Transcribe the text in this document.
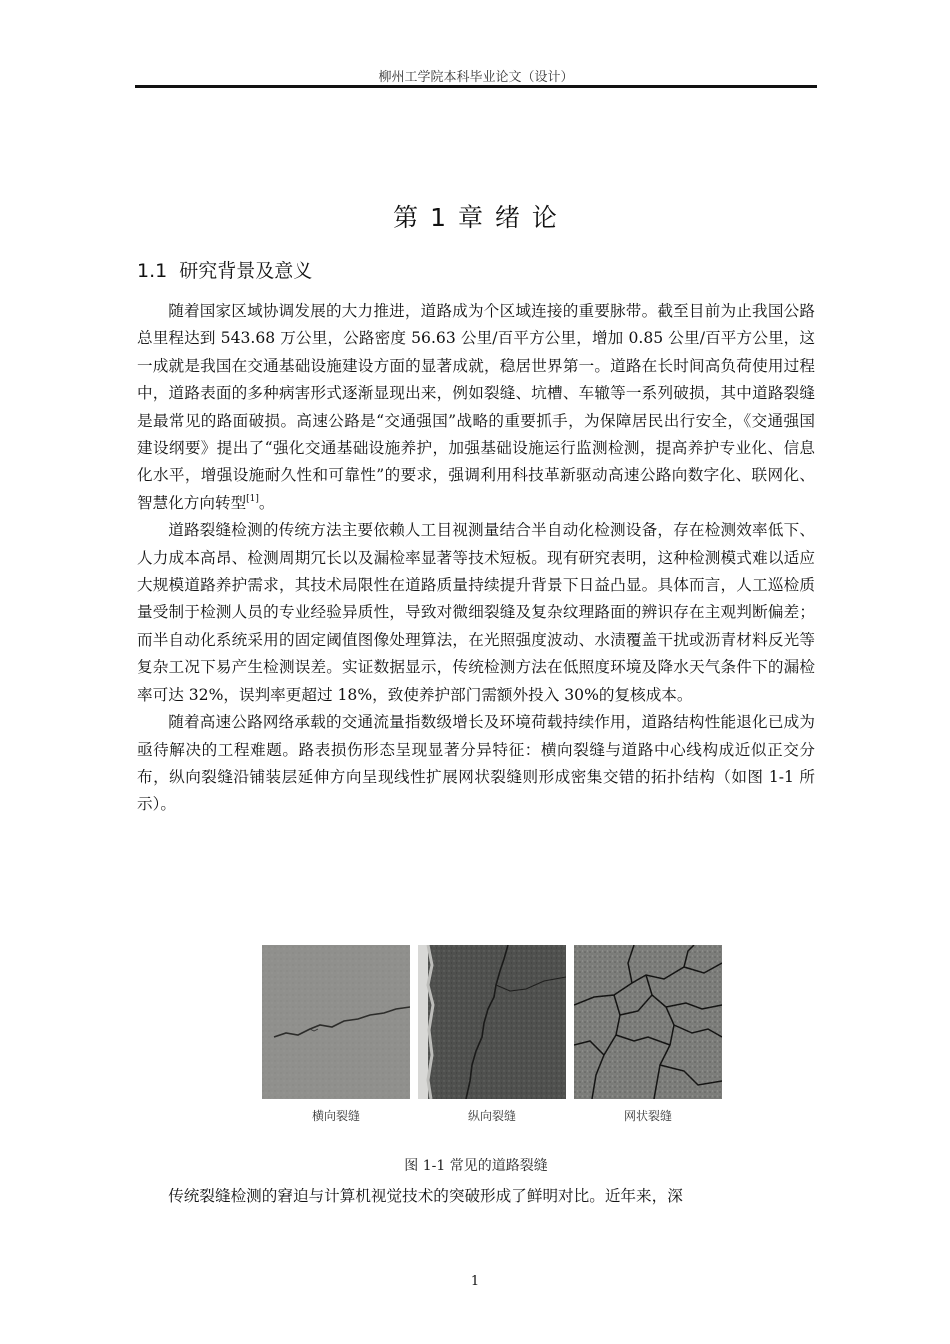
柳州工学院本科毕业论文（设计）
第 1 章 绪 论
1.1 研究背景及意义

随着国家区域协调发展的大力推进，道路成为个区域连接的重要脉带。截至目前为止我国公路总里程达到 543.68 万公里，公路密度 56.63 公里/百平方公里，增加 0.85 公里/百平方公里，这一成就是我国在交通基础设施建设方面的显著成就，稳居世界第一。道路在长时间高负荷使用过程中，道路表面的多种病害形式逐渐显现出来，例如裂缝、坑槽、车辙等一系列破损，其中道路裂缝是最常见的路面破损。高速公路是“交通强国”战略的重要抓手，为保障居民出行安全，《交通强国建设纲要》提出了“强化交通基础设施养护，加强基础设施运行监测检测，提高养护专业化、信息化水平，增强设施耐久性和可靠性”的要求，强调利用科技革新驱动高速公路向数字化、联网化、智慧化方向转型[1]。

道路裂缝检测的传统方法主要依赖人工目视测量结合半自动化检测设备，存在检测效率低下、人力成本高昂、检测周期冗长以及漏检率显著等技术短板。现有研究表明，这种检测模式难以适应大规模道路养护需求，其技术局限性在道路质量持续提升背景下日益凸显。具体而言，人工巡检质量受制于检测人员的专业经验异质性，导致对微细裂缝及复杂纹理路面的辨识存在主观判断偏差；而半自动化系统采用的固定阈值图像处理算法，在光照强度波动、水渍覆盖干扰或沥青材料反光等复杂工况下易产生检测误差。实证数据显示，传统检测方法在低照度环境及降水天气条件下的漏检率可达 32%，误判率更超过 18%，致使养护部门需额外投入 30%的复核成本。

随着高速公路网络承载的交通流量指数级增长及环境荷载持续作用，道路结构性能退化已成为亟待解决的工程难题。路表损伤形态呈现显著分异特征：横向裂缝与道路中心线构成近似正交分布，纵向裂缝沿铺装层延伸方向呈现线性扩展网状裂缝则形成密集交错的拓扑结构（如图 1-1 所示）。

横向裂缝	纵向裂缝	网状裂缝
图 1-1 常见的道路裂缝

传统裂缝检测的窘迫与计算机视觉技术的突破形成了鲜明对比。近年来，深

1
